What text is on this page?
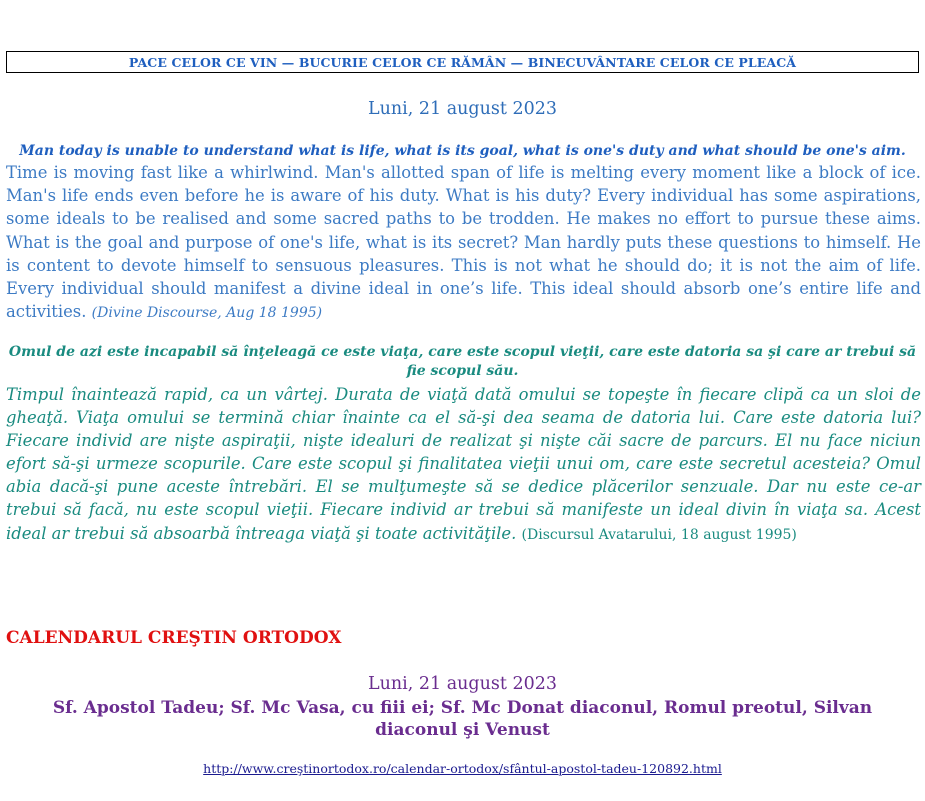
PACE CELOR CE VIN — BUCURIE CELOR CE RĂMÂN — BINECUVÂNTARE CELOR CE PLEACĂ
Luni, 21 august 2023
Man today is unable to understand what is life, what is its goal, what is one's duty and what should be one's aim.
Time is moving fast like a whirlwind. Man's allotted span of life is melting every moment like a block of ice. Man's life ends even before he is aware of his duty. What is his duty? Every individual has some aspirations, some ideals to be realised and some sacred paths to be trodden. He makes no effort to pursue these aims. What is the goal and purpose of one's life, what is its secret? Man hardly puts these questions to himself. He is content to devote himself to sensuous pleasures. This is not what he should do; it is not the aim of life. Every individual should manifest a divine ideal in one’s life. This ideal should absorb one’s entire life and activities. (Divine Discourse, Aug 18 1995)
Omul de azi este incapabil să înţeleagă ce este viaţa, care este scopul vieţii, care este datoria sa şi care ar trebui să fie scopul său.
Timpul înaintează rapid, ca un vârtej. Durata de viaţă dată omului se topeşte în fiecare clipă ca un sloi de gheaţă. Viaţa omului se termină chiar înainte ca el să-şi dea seama de datoria lui. Care este datoria lui? Fiecare individ are nişte aspiraţii, nişte idealuri de realizat şi nişte căi sacre de parcurs. El nu face niciun efort să-şi urmeze scopurile. Care este scopul şi finalitatea vieţii unui om, care este secretul acesteia? Omul abia dacă-şi pune aceste întrebări. El se mulţumeşte să se dedice plăcerilor senzuale. Dar nu este ce-ar trebui să facă, nu este scopul vieţii. Fiecare individ ar trebui să manifeste un ideal divin în viaţa sa. Acest ideal ar trebui să absoarbă întreaga viaţă şi toate activităţile. (Discursul Avatarului, 18 august 1995)
CALENDARUL CREŞTIN ORTODOX
Luni, 21 august 2023
Sf. Apostol Tadeu; Sf. Mc Vasa, cu fiii ei; Sf. Mc Donat diaconul, Romul preotul, Silvan diaconul şi Venust
http://www.creştinortodox.ro/calendar-ortodox/sfântul-apostol-tadeu-120892.html
